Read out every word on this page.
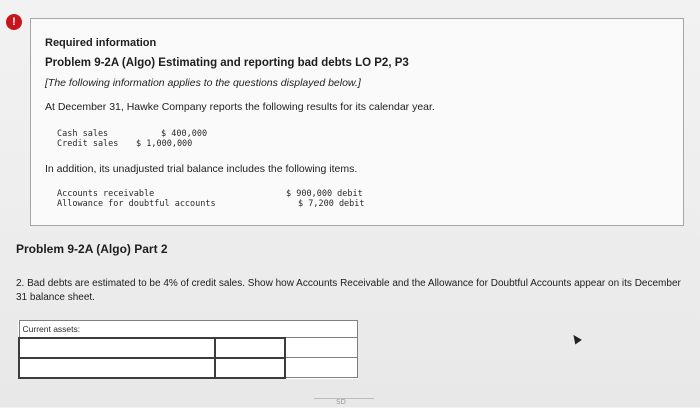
!
Required information
Problem 9-2A (Algo) Estimating and reporting bad debts LO P2, P3
[The following information applies to the questions displayed below.]
At December 31, Hawke Company reports the following results for its calendar year.
Cash sales	$ 400,000
Credit sales $ 1,000,000
In addition, its unadjusted trial balance includes the following items.
Accounts receivable	$ 900,000 debit
Allowance for doubtful accounts	$ 7,200 debit
Problem 9-2A (Algo) Part 2
2. Bad debts are estimated to be 4% of credit sales. Show how Accounts Receivable and the Allowance for Doubtful Accounts appear on its December 31 balance sheet.
Current assets:		

SD
